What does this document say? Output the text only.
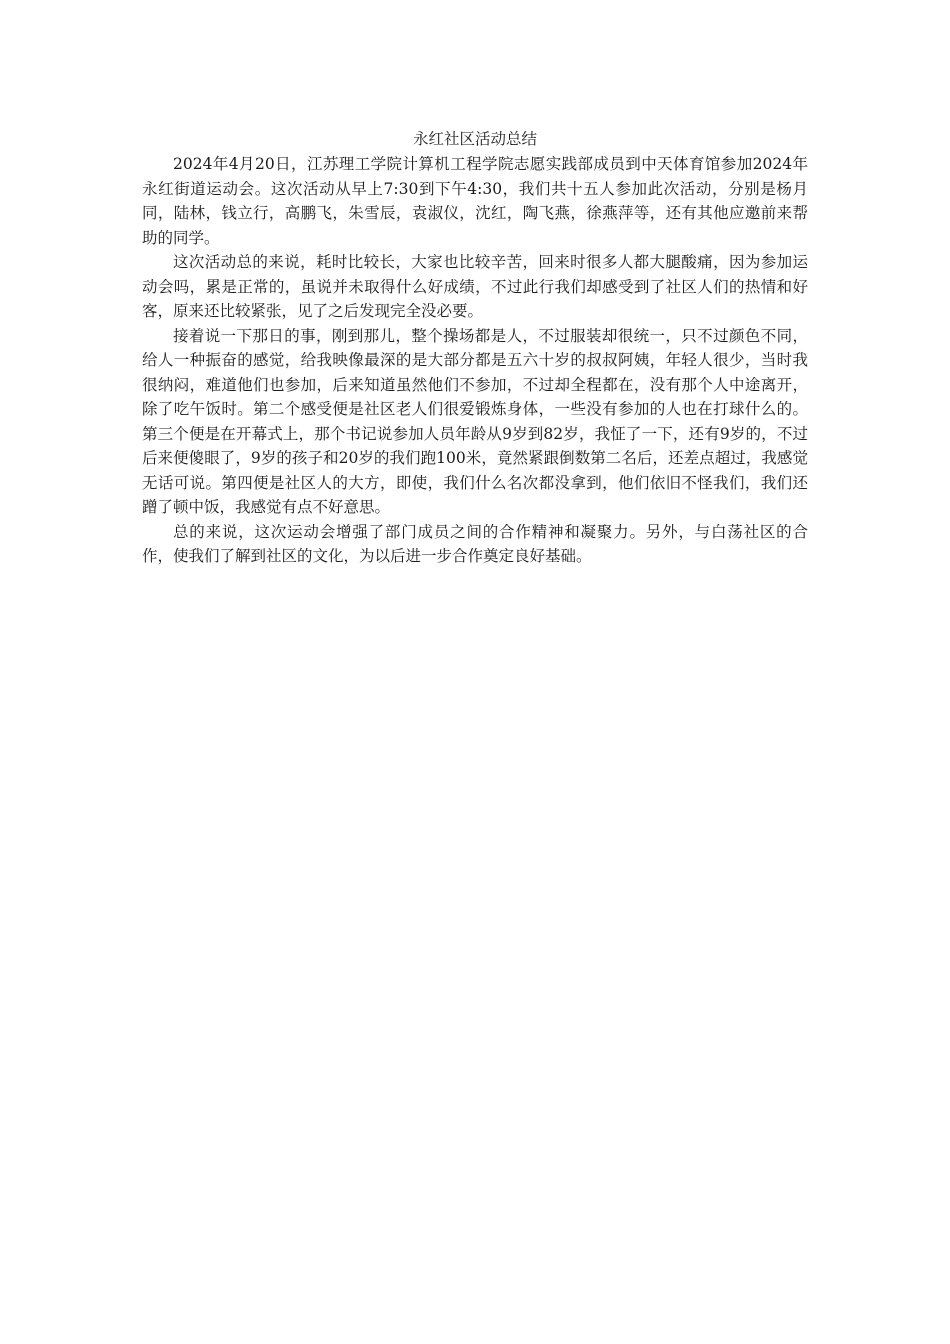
永红社区活动总结

2024年4月20日，江苏理工学院计算机工程学院志愿实践部成员到中天体育馆参加2024年永红街道运动会。这次活动从早上7:30到下午4:30，我们共十五人参加此次活动，分别是杨月同，陆林，钱立行，高鹏飞，朱雪辰，袁淑仪，沈红，陶飞燕，徐燕萍等，还有其他应邀前来帮助的同学。

这次活动总的来说，耗时比较长，大家也比较辛苦，回来时很多人都大腿酸痛，因为参加运动会吗，累是正常的，虽说并未取得什么好成绩，不过此行我们却感受到了社区人们的热情和好客，原来还比较紧张，见了之后发现完全没必要。

接着说一下那日的事，刚到那儿，整个操场都是人，不过服装却很统一，只不过颜色不同，给人一种振奋的感觉，给我映像最深的是大部分都是五六十岁的叔叔阿姨，年轻人很少，当时我很纳闷，难道他们也参加，后来知道虽然他们不参加，不过却全程都在，没有那个人中途离开，除了吃午饭时。第二个感受便是社区老人们很爱锻炼身体，一些没有参加的人也在打球什么的。第三个便是在开幕式上，那个书记说参加人员年龄从9岁到82岁，我怔了一下，还有9岁的，不过后来便傻眼了，9岁的孩子和20岁的我们跑100米，竟然紧跟倒数第二名后，还差点超过，我感觉无话可说。第四便是社区人的大方，即使，我们什么名次都没拿到，他们依旧不怪我们，我们还蹭了顿中饭，我感觉有点不好意思。

总的来说，这次运动会增强了部门成员之间的合作精神和凝聚力。另外，与白荡社区的合作，使我们了解到社区的文化，为以后进一步合作奠定良好基础。
